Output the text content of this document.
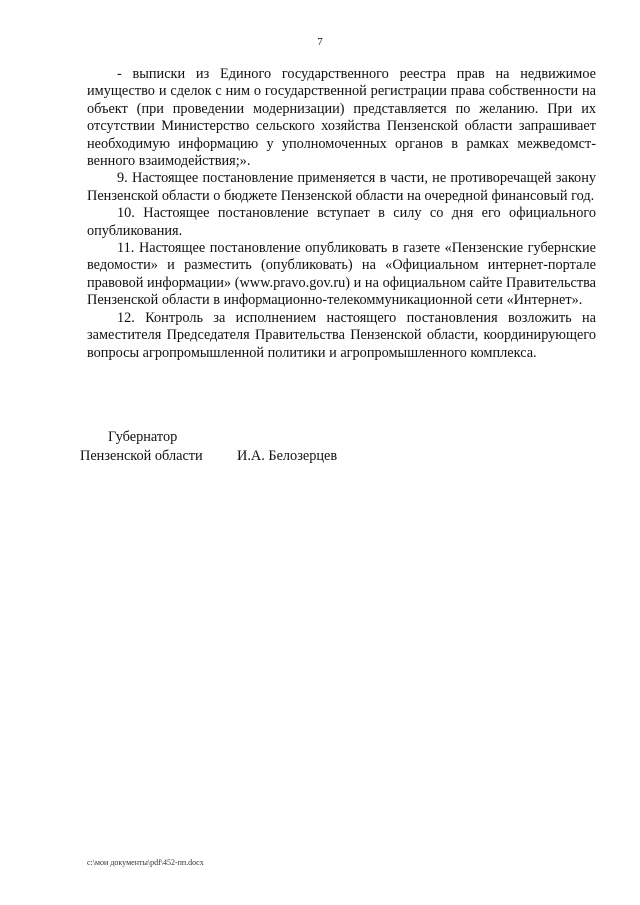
7

- выписки из Единого государственного реестра прав на недвижимое имущество и сделок с ним о государственной регистрации права собственности на объект (при проведении модернизации) представляется по желанию. При их отсутствии Министерство сельского хозяйства Пензенской области запрашивает необходимую информацию у уполномоченных органов в рамках межведомст-венного взаимодействия;».

9. Настоящее постановление применяется в части, не противоречащей закону Пензенской области о бюджете Пензенской области на очередной финансовый год.

10. Настоящее постановление вступает в силу со дня его официального опубликования.

11. Настоящее постановление опубликовать в газете «Пензенские губернские ведомости» и разместить (опубликовать) на «Официальном интернет-портале правовой информации» (www.pravo.gov.ru) и на официальном сайте Правительства Пензенской области в информационно-телекоммуникационной сети «Интернет».

12. Контроль за исполнением настоящего постановления возложить на заместителя Председателя Правительства Пензенской области, координирующего вопросы агропромышленной политики и агропромышленного комплекса.

Губернатор
Пензенской области И.А. Белозерцев
c:\мои документы\pdf\452-пп.docx
